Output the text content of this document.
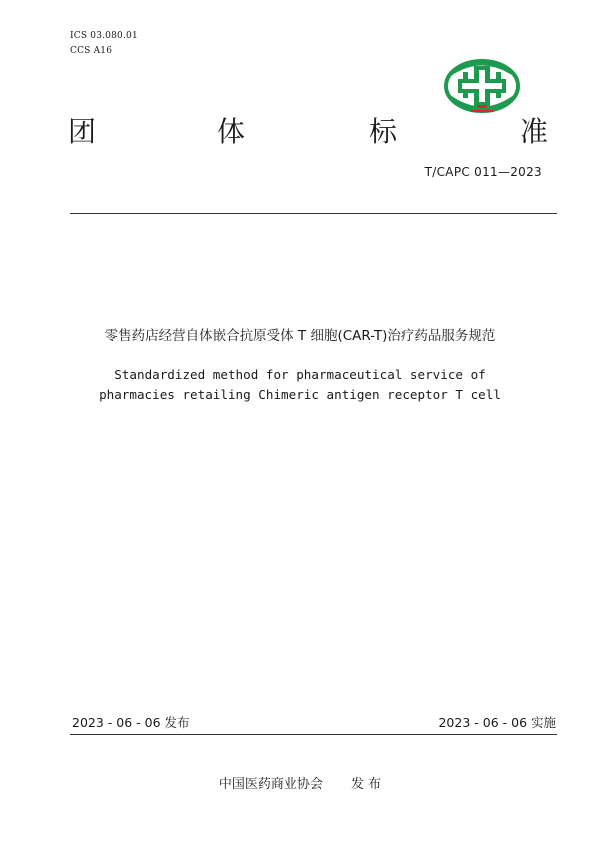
ICS 03.080.01
CCS A16
团	体	标	准
T/CAPC 011—2023
零售药店经营自体嵌合抗原受体 T 细胞(CAR-T)治疗药品服务规范
Standardized method for pharmaceutical service of
pharmacies retailing Chimeric antigen receptor T cell
2023 - 06 - 06 发布	2023 - 06 - 06 实施
中国医药商业协会 发 布
